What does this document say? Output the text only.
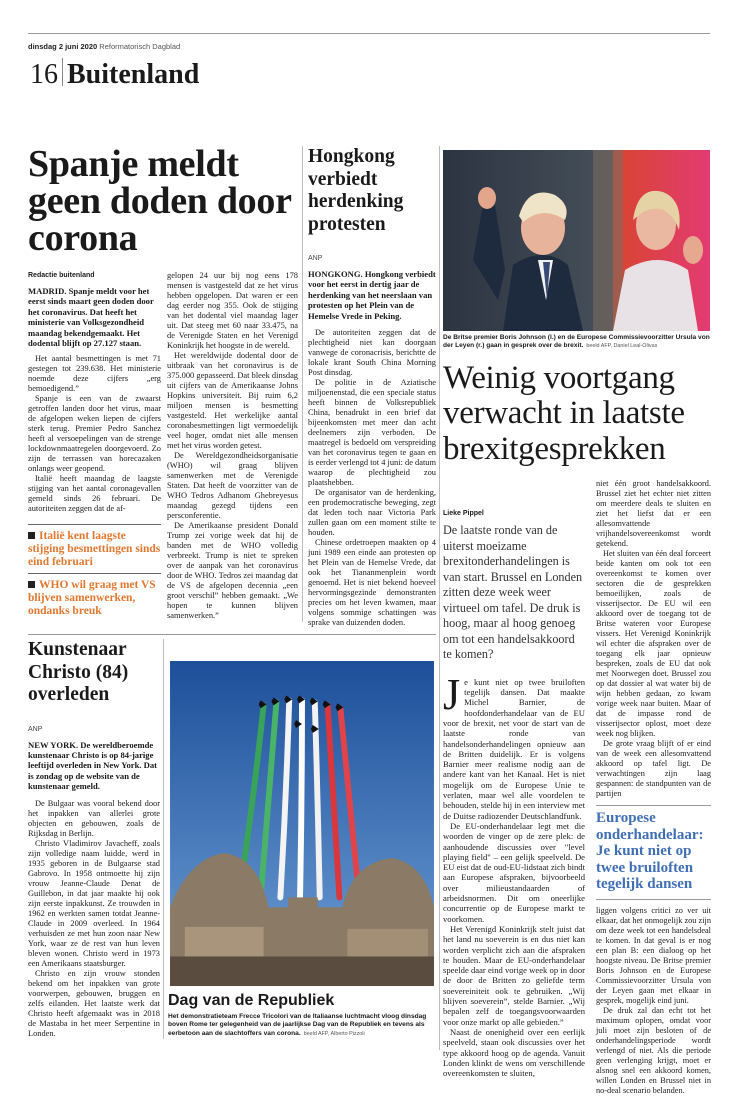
dinsdag 2 juni 2020 Reformatorisch Dagblad
16 Buitenland
Spanje meldt geen doden door corona
Redactie buitenland

MADRID. Spanje meldt voor het eerst sinds maart geen doden door het coronavirus. Dat heeft het ministerie van Volksgezondheid maandag bekendgemaakt. Het dodental blijft op 27.127 staan.

Het aantal besmettingen is met 71 gestegen tot 239.638. Het ministerie noemde deze cijfers „erg bemoedigend.”

Spanje is een van de zwaarst getroffen landen door het virus, maar de afgelopen weken liepen de cijfers sterk terug. Premier Pedro Sanchez heeft al versoepelingen van de strenge lockdownmaatregelen doorgevoerd. Zo zijn de terrassen van horecazaken onlangs weer geopend.

Italië heeft maandag de laagste stijging van het aantal coronagevallen gemeld sinds 26 februari. De autoriteiten zeggen dat de af-

Italië kent laagste stijging besmettingen sinds eind februari
WHO wil graag met VS blijven samenwerken, ondanks breuk

gelopen 24 uur bij nog eens 178 mensen is vastgesteld dat ze het virus hebben opgelopen. Dat waren er een dag eerder nog 355. Ook de stijging van het dodental viel maandag lager uit. Dat steeg met 60 naar 33.475, na de Verenigde Staten en het Verenigd Koninkrijk het hoogste in de wereld.

Het wereldwijde dodental door de uitbraak van het coronavirus is de 375.000 gepasseerd. Dat bleek dinsdag uit cijfers van de Amerikaanse Johns Hopkins universiteit. Bij ruim 6,2 miljoen mensen is besmetting vastgesteld. Het werkelijke aantal coronabesmettingen ligt vermoedelijk veel hoger, omdat niet alle mensen met het virus worden getest.

De Wereldgezondheidsorganisatie (WHO) wil graag blijven samenwerken met de Verenigde Staten. Dat heeft de voorzitter van de WHO Tedros Adhanom Ghebreyesus maandag gezegd tijdens een persconferentie.

De Amerikaanse president Donald Trump zei vorige week dat hij de banden met de WHO volledig verbreekt. Trump is niet te spreken over de aanpak van het coronavirus door de WHO. Tedros zei maandag dat de VS de afgelopen decennia „een groot verschil” hebben gemaakt. „We hopen te kunnen blijven samenwerken.”

Hongkong verbiedt herdenking protesten
ANP

HONGKONG. Hongkong verbiedt voor het eerst in dertig jaar de herdenking van het neerslaan van protesten op het Plein van de Hemelse Vrede in Peking.

De autoriteiten zeggen dat de plechtigheid niet kan doorgaan vanwege de coronacrisis, berichtte de lokale krant South China Morning Post dinsdag.

De politie in de Aziatische miljoenenstad, die een speciale status heeft binnen de Volksrepubliek China, benadrukt in een brief dat bijeenkomsten met meer dan acht deelnemers zijn verboden. De maatregel is bedoeld om verspreiding van het coronavirus tegen te gaan en is eerder verlengd tot 4 juni: de datum waarop de plechtigheid zou plaatshebben.

De organisator van de herdenking, een prodemocratische beweging, zegt dat leden toch naar Victoria Park zullen gaan om een moment stilte te houden.

Chinese ordetroepen maakten op 4 juni 1989 een einde aan protesten op het Plein van de Hemelse Vrede, dat ook het Tiananmenplein wordt genoemd. Het is niet bekend hoeveel hervormingsgezinde demonstranten precies om het leven kwamen, maar volgens sommige schattingen was sprake van duizenden doden.

Kunstenaar Christo (84) overleden
ANP

NEW YORK. De wereldberoemde kunstenaar Christo is op 84-jarige leeftijd overleden in New York. Dat is zondag op de website van de kunstenaar gemeld.

De Bulgaar was vooral bekend door het inpakken van allerlei grote objecten en gebouwen, zoals de Rijksdag in Berlijn.

Christo Vladimirov Javacheff, zoals zijn volledige naam luidde, werd in 1935 geboren in de Bulgaarse stad Gabrovo. In 1958 ontmoette hij zijn vrouw Jeanne-Claude Denat de Guillebon, in dat jaar maakte hij ook zijn eerste inpakkunst. Ze trouwden in 1962 en werkten samen totdat Jeanne-Claude in 2009 overleed. In 1964 verhuisden ze met hun zoon naar New York, waar ze de rest van hun leven bleven wonen. Christo werd in 1973 een Amerikaans staatsburger.

Christo en zijn vrouw stonden bekend om het inpakken van grote voorwerpen, gebouwen, bruggen en zelfs eilanden. Het laatste werk dat Christo heeft afgemaakt was in 2018 de Mastaba in het meer Serpentine in Londen.

Dag van de Republiek
Het demonstratieteam Frecce Tricolori van de Italiaanse luchtmacht vloog dinsdag boven Rome ter gelegenheid van de jaarlijkse Dag van de Republiek en tevens als eerbetoon aan de slachtoffers van corona. beeld AFP, Alberto Pizzoli
De Britse premier Boris Johnson (l.) en de Europese Commissievoorzitter Ursula von der Leyen (r.) gaan in gesprek over de brexit. beeld AFP, Daniel Leal-Olivas
Weinig voortgang verwacht in laatste brexitgesprekken
Lieke Pippel
De laatste ronde van de uiterst moeizame brexitonderhandelingen is van start. Brussel en Londen zitten deze week weer virtueel om tafel. De druk is hoog, maar al hoog genoeg om tot een handelsakkoord te komen?

Je kunt niet op twee bruiloften tegelijk dansen. Dat maakte Michel Barnier, de hoofdonderhandelaar van de EU voor de brexit, net voor de start van de laatste ronde van handelsonderhandelingen opnieuw aan de Britten duidelijk. Er is volgens Barnier meer realisme nodig aan de andere kant van het Kanaal. Het is niet mogelijk om de Europese Unie te verlaten, maar wel alle voordelen te behouden, stelde hij in een interview met de Duitse radiozender Deutschlandfunk.

De EU-onderhandelaar legt met die woorden de vinger op de zere plek: de aanhoudende discussies over "level playing field" – een gelijk speelveld. De EU eist dat de oud-EU-lidstaat zich bindt aan Europese afspraken, bijvoorbeeld over milieustandaarden of arbeidsnormen. Dit om oneerlijke concurrentie op de Europese markt te voorkomen.

Het Verenigd Koninkrijk stelt juist dat het land nu soeverein is en dus niet kan worden verplicht zich aan die afspraken te houden. Maar de EU-onderhandelaar speelde daar eind vorige week op in door de door de Britten zo geliefde term soevereiniteit ook te gebruiken. „Wij blijven soeverein”, stelde Barnier. „Wij bepalen zelf de toegangsvoorwaarden voor onze markt op alle gebieden.”

Naast de onenigheid over een eerlijk speelveld, staan ook discussies over het type akkoord hoog op de agenda. Vanuit Londen klinkt de wens om verschillende overeenkomsten te sluiten,

niet één groot handelsakkoord. Brussel ziet het echter niet zitten om meerdere deals te sluiten en ziet het liefst dat er een allesomvattende vrijhandelsovereenkomst wordt getekend.

Het sluiten van één deal forceert beide kanten om ook tot een overeenkomst te komen over sectoren die de gesprekken bemoeilijken, zoals de visserijsector. De EU wil een akkoord over de toegang tot de Britse wateren voor Europese vissers. Het Verenigd Koninkrijk wil echter die afspraken over de toegang elk jaar opnieuw bespreken, zoals de EU dat ook met Noorwegen doet. Brussel zou op dat dossier al wat water bij de wijn hebben gedaan, zo kwam vorige week naar buiten. Maar of dat de impasse rond de visserijsector oplost, moet deze week nog blijken.

De grote vraag blijft of er eind van de week een allesomvattend akkoord op tafel ligt. De verwachtingen zijn laag gespannen: de standpunten van de partijen

Europese onderhandelaar: Je kunt niet op twee bruiloften tegelijk dansen

liggen volgens critici zo ver uit elkaar, dat het onmogelijk zou zijn om deze week tot een handelsdeal te komen. In dat geval is er nog een plan B: een dialoog op het hoogste niveau. De Britse premier Boris Johnson en de Europese Commissievoorzitter Ursula von der Leyen gaan met elkaar in gesprek, mogelijk eind juni.

De druk zal dan echt tot het maximum oplopen, omdat voor juli moet zijn besloten of de onderhandelingsperiode wordt verlengd of niet. Als die periode geen verlenging krijgt, moet er alsnog snel een akkoord komen, willen Londen en Brussel niet in no-deal scenario belanden.
